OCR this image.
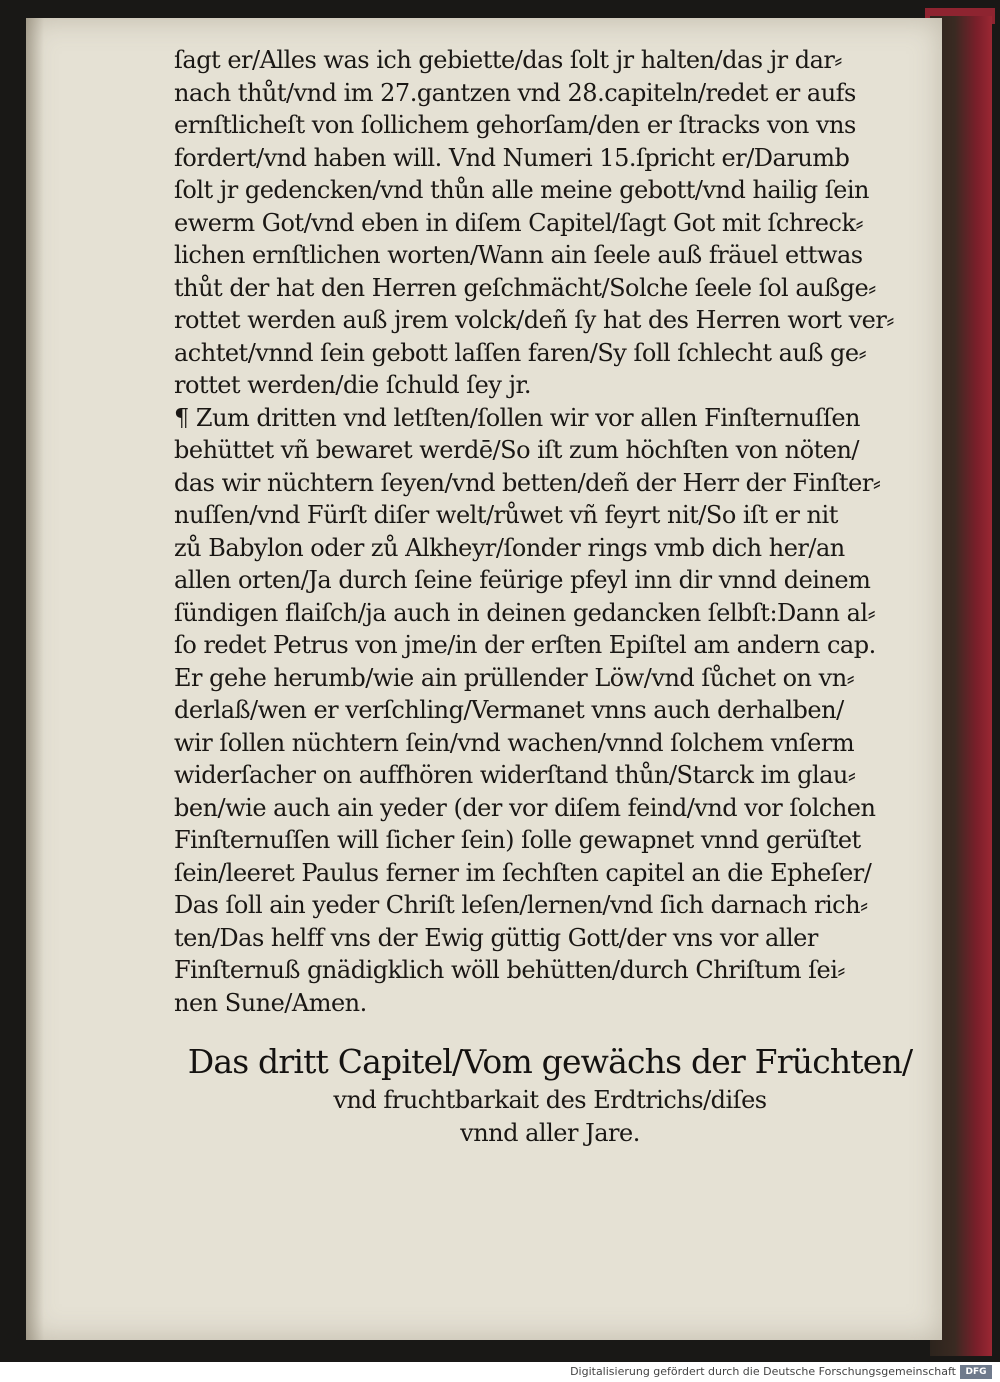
ſagt er/Alles was ich gebiette/das ſolt jr halten/das jr dar⸗
nach thůt/vnd im 27.gantzen vnd 28.capiteln/redet er aufs
ernſtlicheſt von ſollichem gehorſam/den er ſtracks von vns
fordert/vnd haben will. Vnd Numeri 15.ſpricht er/Darumb
ſolt jr gedencken/vnd thůn alle meine gebott/vnd hailig ſein
ewerm Got/vnd eben in diſem Capitel/ſagt Got mit ſchreck⸗
lichen ernſtlichen worten/Wann ain ſeele auß fräuel ettwas
thůt der hat den Herren geſchmächt/Solche ſeele ſol außge⸗
rottet werden auß jrem volck/deñ ſy hat des Herren wort ver⸗
achtet/vnnd ſein gebott laſſen faren/Sy ſoll ſchlecht auß ge⸗
rottet werden/die ſchuld ſey jr.
¶ Zum dritten vnd letſten/ſollen wir vor allen Finſternuſſen
behüttet vñ bewaret werdē/So iſt zum höchſten von nöten/
das wir nüchtern ſeyen/vnd betten/deñ der Herr der Finſter⸗
nuſſen/vnd Fürſt diſer welt/růwet vñ feyrt nit/So iſt er nit
zů Babylon oder zů Alkheyr/ſonder rings vmb dich her/an
allen orten/Ja durch ſeine feürige pfeyl inn dir vnnd deinem
ſündigen flaiſch/ja auch in deinen gedancken ſelbſt:Dann al⸗
ſo redet Petrus von jme/in der erſten Epiſtel am andern cap.
Er gehe herumb/wie ain prüllender Löw/vnd ſůchet on vn⸗
derlaß/wen er verſchling/Vermanet vnns auch derhalben/
wir ſollen nüchtern ſein/vnd wachen/vnnd ſolchem vnſerm
widerſacher on auffhören widerſtand thůn/Starck im glau⸗
ben/wie auch ain yeder (der vor diſem feind/vnd vor ſolchen
Finſternuſſen will ſicher ſein) ſolle gewapnet vnnd gerüſtet
ſein/leeret Paulus ferner im ſechſten capitel an die Epheſer/
Das ſoll ain yeder Chriſt leſen/lernen/vnd ſich darnach rich⸗
ten/Das helff vns der Ewig güttig Gott/der vns vor aller
Finſternuß gnädigklich wöll behütten/durch Chriſtum ſei⸗
nen Sune/Amen.
Das dritt Capitel/Vom gewächs der Früchten/
vnd fruchtbarkait des Erdtrichs/diſes
vnnd aller Jare.
Digitalisierung gefördert durch die Deutsche Forschungsgemeinschaft	DFG
